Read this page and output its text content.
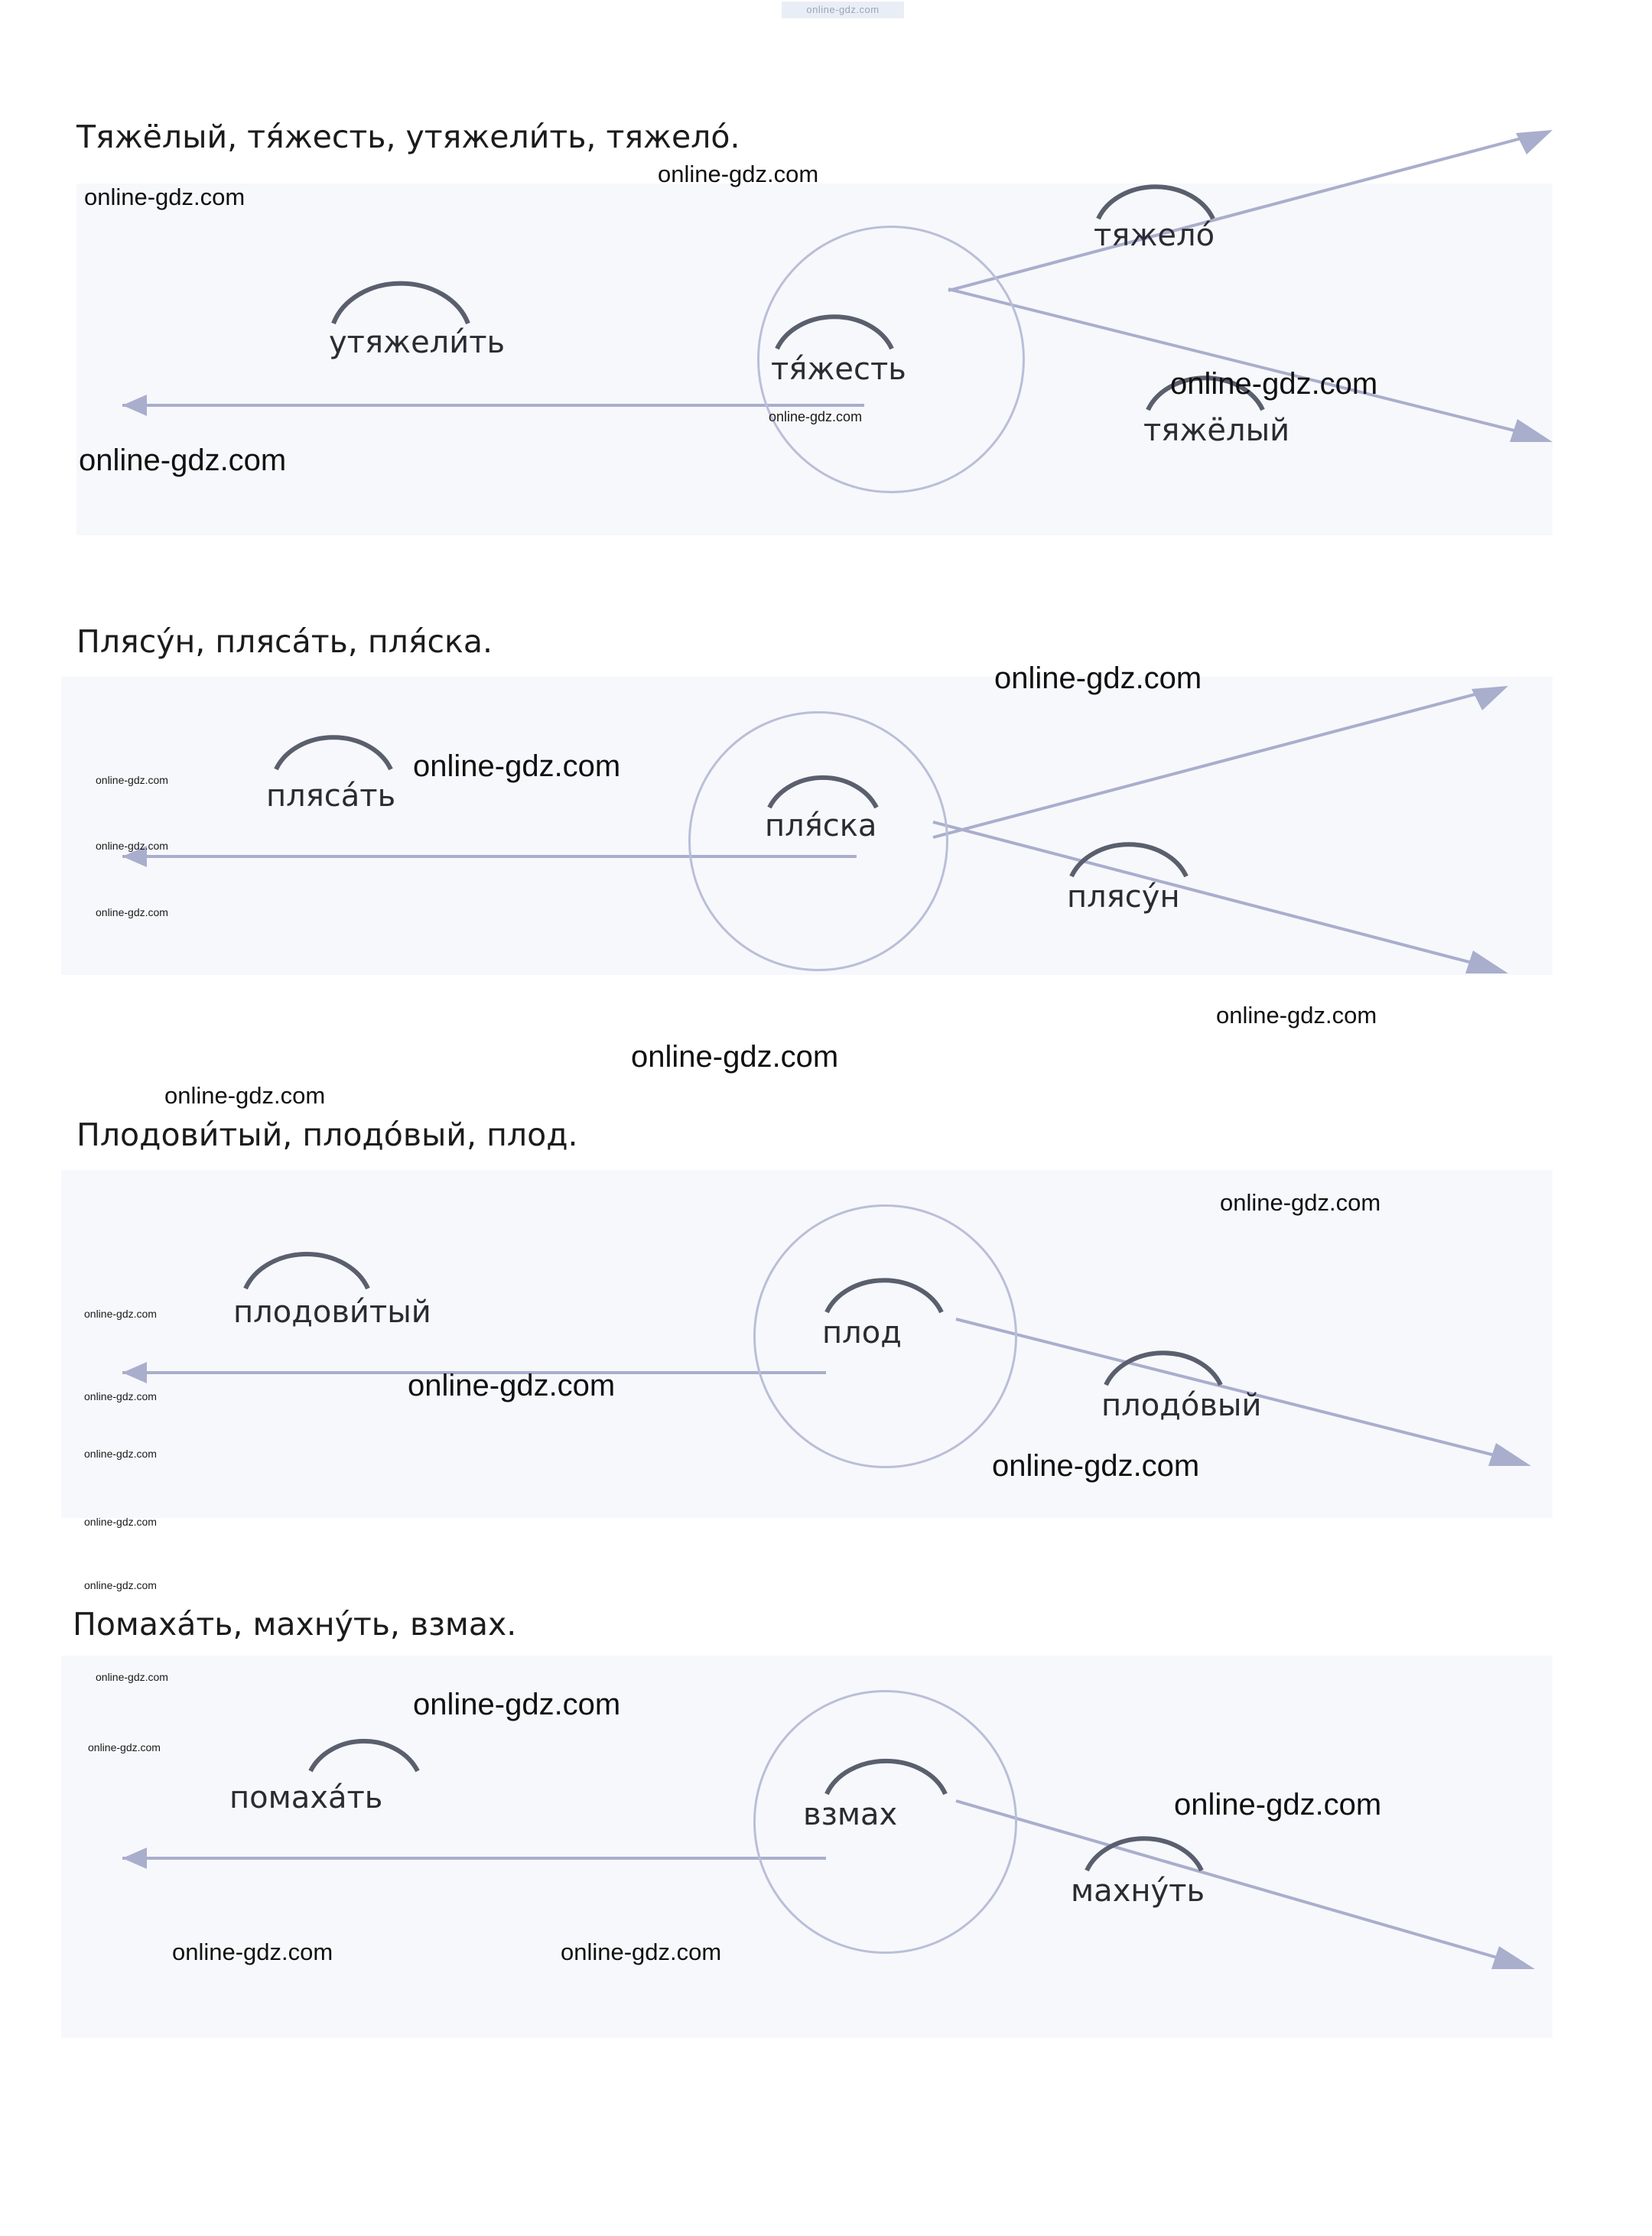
online-gdz.com
Тяжёлый, тя́жесть, утяжели́ть, тяжело́.
утяжели́ть
тя́жесть
тяжело́
тяжёлый
online-gdz.com
online-gdz.com
online-gdz.com
online-gdz.com
online-gdz.com
Плясу́н, пляса́ть, пля́ска.
пляса́ть
пля́ска
плясу́н
online-gdz.com
online-gdz.com
online-gdz.com
online-gdz.com
online-gdz.com
online-gdz.com
online-gdz.com
online-gdz.com
Плодови́тый, плодо́вый, плод.
плодови́тый
плод
плодо́вый
online-gdz.com
online-gdz.com
online-gdz.com
online-gdz.com
online-gdz.com
online-gdz.com
online-gdz.com
online-gdz.com
Помаха́ть, махну́ть, взмах.
помаха́ть	взмах
махну́ть
online-gdz.com
online-gdz.com
online-gdz.com	online-gdz.com
online-gdz.com
online-gdz.com
